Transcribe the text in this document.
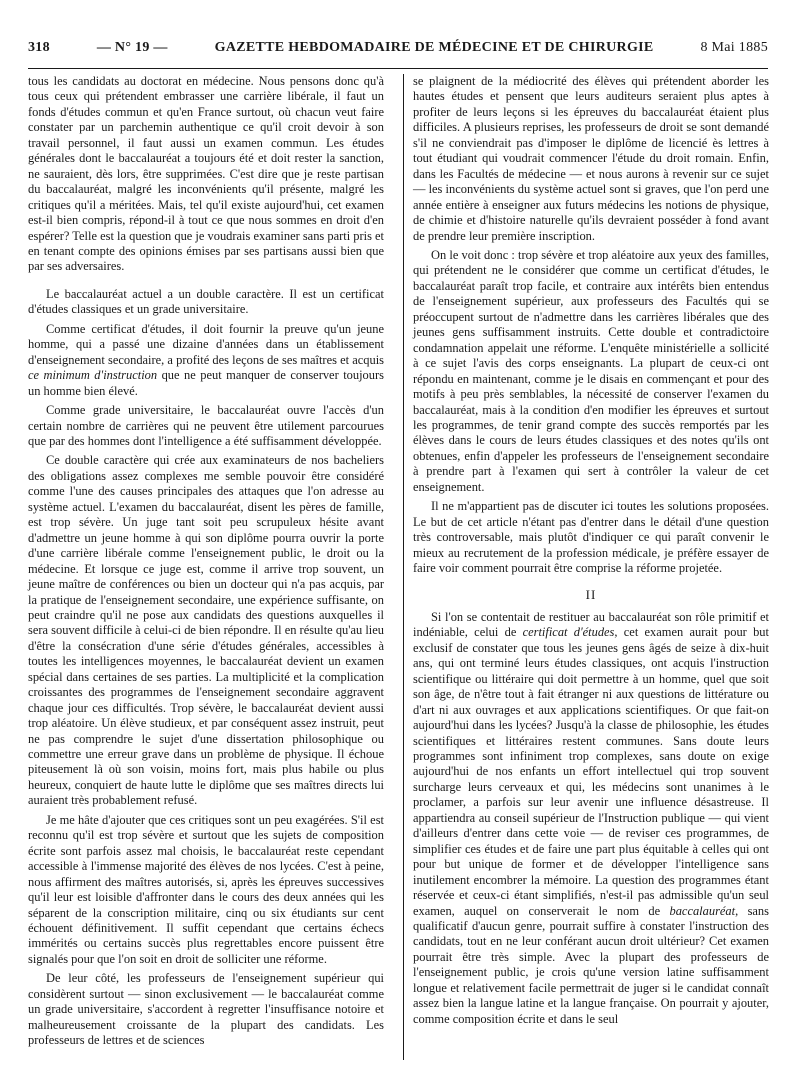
318	— N° 19 —	GAZETTE HEBDOMADAIRE DE MÉDECINE ET DE CHIRURGIE	8 Mai 1885

tous les candidats au doctorat en médecine. Nous pensons donc qu'à tous ceux qui prétendent embrasser une carrière libérale, il faut un fonds d'études commun et qu'en France surtout, où chacun veut faire constater par un parchemin authentique ce qu'il croit devoir à son travail personnel, il faut aussi un examen commun. Les études générales dont le baccalauréat a toujours été et doit rester la sanction, ne sauraient, dès lors, être supprimées. C'est dire que je reste partisan du baccalauréat, malgré les inconvénients qu'il présente, malgré les critiques qu'il a méritées. Mais, tel qu'il existe aujourd'hui, cet examen est-il bien compris, répond-il à tout ce que nous sommes en droit d'en espérer? Telle est la question que je voudrais examiner sans parti pris et en tenant compte des opinions émises par ses partisans aussi bien que par ses adversaires.

Le baccalauréat actuel a un double caractère. Il est un certificat d'études classiques et un grade universitaire.

Comme certificat d'études, il doit fournir la preuve qu'un jeune homme, qui a passé une dizaine d'années dans un établissement d'enseignement secondaire, a profité des leçons de ses maîtres et acquis ce minimum d'instruction que ne peut manquer de conserver toujours un homme bien élevé.

Comme grade universitaire, le baccalauréat ouvre l'accès d'un certain nombre de carrières qui ne peuvent être utilement parcourues que par des hommes dont l'intelligence a été suffisamment développée.

Ce double caractère qui crée aux examinateurs de nos bacheliers des obligations assez complexes me semble pouvoir être considéré comme l'une des causes principales des attaques que l'on adresse au système actuel. L'examen du baccalauréat, disent les pères de famille, est trop sévère. Un juge tant soit peu scrupuleux hésite avant d'admettre un jeune homme à qui son diplôme pourra ouvrir la porte d'une carrière libérale comme l'enseignement public, le droit ou la médecine. Et lorsque ce juge est, comme il arrive trop souvent, un jeune maître de conférences ou bien un docteur qui n'a pas acquis, par la pratique de l'enseignement secondaire, une expérience suffisante, on peut craindre qu'il ne pose aux candidats des questions auxquelles il sera souvent difficile à celui-ci de bien répondre. Il en résulte qu'au lieu d'être la consécration d'une série d'études générales, accessibles à toutes les intelligences moyennes, le baccalauréat devient un examen spécial dans certaines de ses parties. La multiplicité et la complication croissantes des programmes de l'enseignement secondaire aggravent chaque jour ces difficultés. Trop sévère, le baccalauréat devient aussi trop aléatoire. Un élève studieux, et par conséquent assez instruit, peut ne pas comprendre le sujet d'une dissertation philosophique ou commettre une erreur grave dans un problème de physique. Il échoue piteusement là où son voisin, moins fort, mais plus habile ou plus heureux, conquiert de haute lutte le diplôme que ses maîtres directs lui auraient très probablement refusé.

Je me hâte d'ajouter que ces critiques sont un peu exagérées. S'il est reconnu qu'il est trop sévère et surtout que les sujets de composition écrite sont parfois assez mal choisis, le baccalauréat reste cependant accessible à l'immense majorité des élèves de nos lycées. C'est à peine, nous affirment des maîtres autorisés, si, après les épreuves successives qu'il leur est loisible d'affronter dans le cours des deux années qui les séparent de la conscription militaire, cinq ou six étudiants sur cent échouent définitivement. Il suffit cependant que certains échecs immérités ou certains succès plus regrettables encore puissent être signalés pour que l'on soit en droit de solliciter une réforme.

De leur côté, les professeurs de l'enseignement supérieur qui considèrent surtout — sinon exclusivement — le baccalauréat comme un grade universitaire, s'accordent à regretter l'insuffisance notoire et malheureusement croissante de la plupart des candidats. Les professeurs de lettres et de sciences

se plaignent de la médiocrité des élèves qui prétendent aborder les hautes études et pensent que leurs auditeurs seraient plus aptes à profiter de leurs leçons si les épreuves du baccalauréat étaient plus difficiles. A plusieurs reprises, les professeurs de droit se sont demandé s'il ne conviendrait pas d'imposer le diplôme de licencié ès lettres à tout étudiant qui voudrait commencer l'étude du droit romain. Enfin, dans les Facultés de médecine — et nous aurons à revenir sur ce sujet — les inconvénients du système actuel sont si graves, que l'on perd une année entière à enseigner aux futurs médecins les notions de physique, de chimie et d'histoire naturelle qu'ils devraient posséder à fond avant de prendre leur première inscription.

On le voit donc : trop sévère et trop aléatoire aux yeux des familles, qui prétendent ne le considérer que comme un certificat d'études, le baccalauréat paraît trop facile, et contraire aux intérêts bien entendus de l'enseignement supérieur, aux professeurs des Facultés qui se préoccupent surtout de n'admettre dans les carrières libérales que des jeunes gens suffisamment instruits. Cette double et contradictoire condamnation appelait une réforme. L'enquête ministérielle a sollicité à ce sujet l'avis des corps enseignants. La plupart de ceux-ci ont répondu en maintenant, comme je le disais en commençant et pour des motifs à peu près semblables, la nécessité de conserver l'examen du baccalauréat, mais à la condition d'en modifier les épreuves et surtout les programmes, de tenir grand compte des succès remportés par les élèves dans le cours de leurs études classiques et des notes qu'ils ont obtenues, enfin d'appeler les professeurs de l'enseignement secondaire à prendre part à l'examen qui sert à contrôler la valeur de cet enseignement.

Il ne m'appartient pas de discuter ici toutes les solutions proposées. Le but de cet article n'étant pas d'entrer dans le détail d'une question très controversable, mais plutôt d'indiquer ce qui paraît convenir le mieux au recrutement de la profession médicale, je préfère essayer de faire voir comment pourrait être comprise la réforme projetée.

II

Si l'on se contentait de restituer au baccalauréat son rôle primitif et indéniable, celui de certificat d'études, cet examen aurait pour but exclusif de constater que tous les jeunes gens âgés de seize à dix-huit ans, qui ont terminé leurs études classiques, ont acquis l'instruction scientifique ou littéraire qui doit permettre à un homme, quel que soit son âge, de n'être tout à fait étranger ni aux questions de littérature ou d'art ni aux ouvrages et aux applications scientifiques. Or que fait-on aujourd'hui dans les lycées? Jusqu'à la classe de philosophie, les études scientifiques et littéraires restent communes. Sans doute leurs programmes sont infiniment trop complexes, sans doute on exige aujourd'hui de nos enfants un effort intellectuel qui trop souvent surcharge leurs cerveaux et qui, les médecins sont unanimes à le proclamer, a parfois sur leur avenir une influence désastreuse. Il appartiendra au conseil supérieur de l'Instruction publique — qui vient d'ailleurs d'entrer dans cette voie — de reviser ces programmes, de simplifier ces études et de faire une part plus équitable à celles qui ont pour but unique de former et de développer l'intelligence sans inutilement encombrer la mémoire. La question des programmes étant réservée et ceux-ci étant simplifiés, n'est-il pas admissible qu'un seul examen, auquel on conserverait le nom de baccalauréat, sans qualificatif d'aucun genre, pourrait suffire à constater l'instruction des candidats, tout en ne leur conférant aucun droit ultérieur? Cet examen pourrait être très simple. Avec la plupart des professeurs de l'enseignement public, je crois qu'une version latine suffisamment longue et relativement facile permettrait de juger si le candidat connaît assez bien la langue latine et la langue française. On pourrait y ajouter, comme composition écrite et dans le seul
